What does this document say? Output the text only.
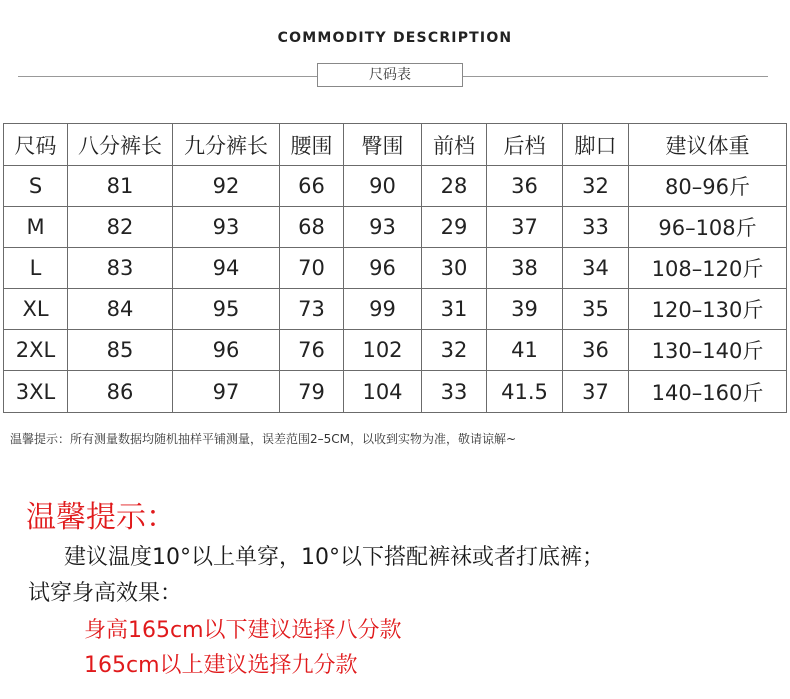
COMMODITY DESCRIPTION
尺码表
尺码	八分裤长	九分裤长	腰围	臀围	前档	后档	脚口	建议体重
S	81	92	66	90	28	36	32	80–96斤
M	82	93	68	93	29	37	33	96–108斤
L	83	94	70	96	30	38	34	108–120斤
XL	84	95	73	99	31	39	35	120–130斤
2XL	85	96	76	102	32	41	36	130–140斤
3XL	86	97	79	104	33	41.5	37	140–160斤
温馨提示：所有测量数据均随机抽样平铺测量，误差范围2–5CM，以收到实物为准，敬请谅解~
温馨提示：
建议温度10°以上单穿，10°以下搭配裤袜或者打底裤；
试穿身高效果：
身高165cm以下建议选择八分款
165cm以上建议选择九分款
